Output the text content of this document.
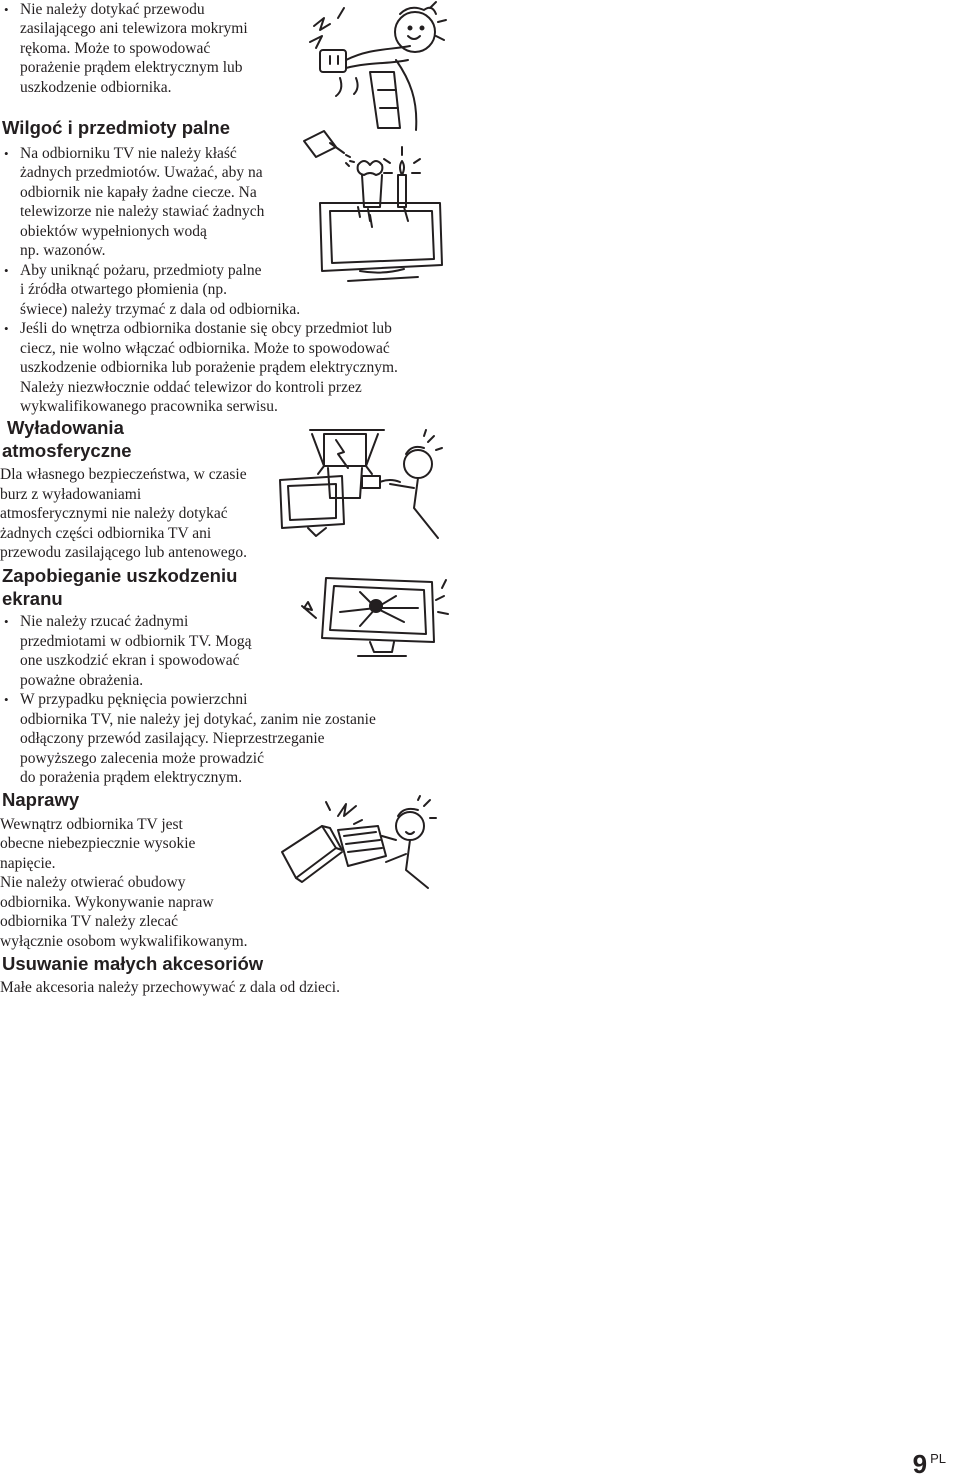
• Nie należy dotykać przewodu
zasilającego ani telewizora mokrymi
rękoma. Może to spowodować
porażenie prądem elektrycznym lub
uszkodzenie odbiornika.
Wilgoć i przedmioty palne
• Na odbiorniku TV nie należy kłaść
żadnych przedmiotów. Uważać, aby na
odbiornik nie kapały żadne ciecze. Na
telewizorze nie należy stawiać żadnych
obiektów wypełnionych wodą
np. wazonów.
• Aby uniknąć pożaru, przedmioty palne
i źródła otwartego płomienia (np.
świece) należy trzymać z dala od odbiornika.
• Jeśli do wnętrza odbiornika dostanie się obcy przedmiot lub
ciecz, nie wolno włączać odbiornika. Może to spowodować
uszkodzenie odbiornika lub porażenie prądem elektrycznym.
Należy niezwłocznie oddać telewizor do kontroli przez
wykwalifikowanego pracownika serwisu.
Wyładowania
atmosferyczne
Dla własnego bezpieczeństwa, w czasie
burz z wyładowaniami
atmosferycznymi nie należy dotykać
żadnych części odbiornika TV ani
przewodu zasilającego lub antenowego.
Zapobieganie uszkodzeniu
ekranu
• Nie należy rzucać żadnymi
przedmiotami w odbiornik TV. Mogą
one uszkodzić ekran i spowodować
poważne obrażenia.
• W przypadku pęknięcia powierzchni
odbiornika TV, nie należy jej dotykać, zanim nie zostanie
odłączony przewód zasilający. Nieprzestrzeganie
powyższego zalecenia może prowadzić
do porażenia prądem elektrycznym.
Naprawy
Wewnątrz odbiornika TV jest
obecne niebezpiecznie wysokie
napięcie.
Nie należy otwierać obudowy
odbiornika. Wykonywanie napraw
odbiornika TV należy zlecać
wyłącznie osobom wykwalifikowanym.
Usuwanie małych akcesoriów
Małe akcesoria należy przechowywać z dala od dzieci.
9 $^{PL}$
